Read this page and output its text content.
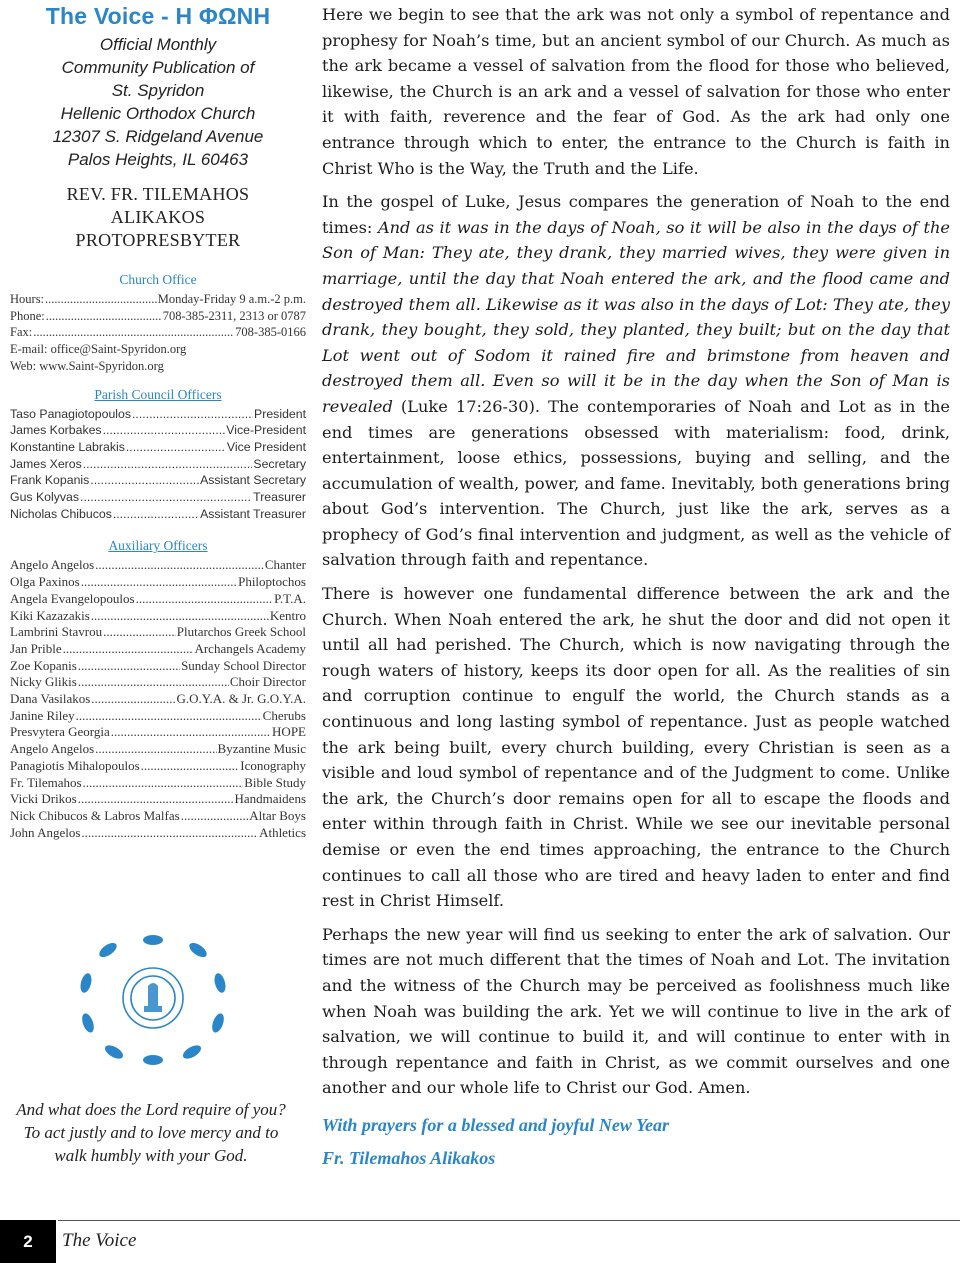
The Voice - Η ΦΩΝΗ
Official Monthly
Community Publication of
St. Spyridon
Hellenic Orthodox Church
12307 S. Ridgeland Avenue
Palos Heights, IL 60463
REV. FR. TILEMAHOS
ALIKAKOS
PROTOPRESBYTER
Church Office
Hours: .....	Monday-Friday 9 a.m.-2 p.m.
Phone: .....	708-385-2311, 2313 or 0787
Fax: .....	708-385-0166
E-mail: office@Saint-Spyridon.org
Web: www.Saint-Spyridon.org
Parish Council Officers
Taso Panagiotopoulos .....	President
James Korbakes .....	Vice-President
Konstantine Labrakis .....	Vice President
James Xeros .....	Secretary
Frank Kopanis .....	Assistant Secretary
Gus Kolyvas .....	Treasurer
Nicholas Chibucos .....	Assistant Treasurer
Auxiliary Officers
Angelo Angelos .....	Chanter
Olga Paxinos .....	Philoptochos
Angela Evangelopoulos .....	P.T.A.
Kiki Kazazakis .....	Kentro
Lambrini Stavrou .....	Plutarchos Greek School
Jan Prible .....	Archangels Academy
Zoe Kopanis .....	Sunday School Director
Nicky Glikis .....	Choir Director
Dana Vasilakos .....	G.O.Y.A. & Jr. G.O.Y.A.
Janine Riley .....	Cherubs
Presvytera Georgia .....	HOPE
Angelo Angelos .....	Byzantine Music
Panagiotis Mihalopoulos .....	Iconography
Fr. Tilemahos .....	Bible Study
Vicki Drikos .....	Handmaidens
Nick Chibucos & Labros Malfas .....	Altar Boys
John Angelos .....	Athletics
And what does the Lord require of you? To act justly and to love mercy and to walk humbly with your God.

Here we begin to see that the ark was not only a symbol of repentance and prophesy for Noah’s time, but an ancient symbol of our Church. As much as the ark became a vessel of salvation from the flood for those who believed, likewise, the Church is an ark and a vessel of salvation for those who enter it with faith, reverence and the fear of God. As the ark had only one entrance through which to enter, the entrance to the Church is faith in Christ Who is the Way, the Truth and the Life.

In the gospel of Luke, Jesus compares the generation of Noah to the end times: And as it was in the days of Noah, so it will be also in the days of the Son of Man: They ate, they drank, they married wives, they were given in marriage, until the day that Noah entered the ark, and the flood came and destroyed them all. Likewise as it was also in the days of Lot: They ate, they drank, they bought, they sold, they planted, they built; but on the day that Lot went out of Sodom it rained fire and brimstone from heaven and destroyed them all. Even so will it be in the day when the Son of Man is revealed (Luke 17:26-30). The contemporaries of Noah and Lot as in the end times are generations obsessed with materialism: food, drink, entertainment, loose ethics, possessions, buying and selling, and the accumulation of wealth, power, and fame. Inevitably, both generations bring about God’s intervention. The Church, just like the ark, serves as a prophecy of God’s final intervention and judgment, as well as the vehicle of salvation through faith and repentance.

There is however one fundamental difference between the ark and the Church. When Noah entered the ark, he shut the door and did not open it until all had perished. The Church, which is now navigating through the rough waters of history, keeps its door open for all. As the realities of sin and corruption continue to engulf the world, the Church stands as a continuous and long lasting symbol of repentance. Just as people watched the ark being built, every church building, every Christian is seen as a visible and loud symbol of repentance and of the Judgment to come. Unlike the ark, the Church’s door remains open for all to escape the floods and enter within through faith in Christ. While we see our inevitable personal demise or even the end times approaching, the entrance to the Church continues to call all those who are tired and heavy laden to enter and find rest in Christ Himself.

Perhaps the new year will find us seeking to enter the ark of salvation. Our times are not much different that the times of Noah and Lot. The invitation and the witness of the Church may be perceived as foolishness much like when Noah was building the ark. Yet we will continue to live in the ark of salvation, we will continue to build it, and will continue to enter with in through repentance and faith in Christ, as we commit ourselves and one another and our whole life to Christ our God. Amen.

With prayers for a blessed and joyful New Year
Fr. Tilemahos Alikakos
2	The Voice
